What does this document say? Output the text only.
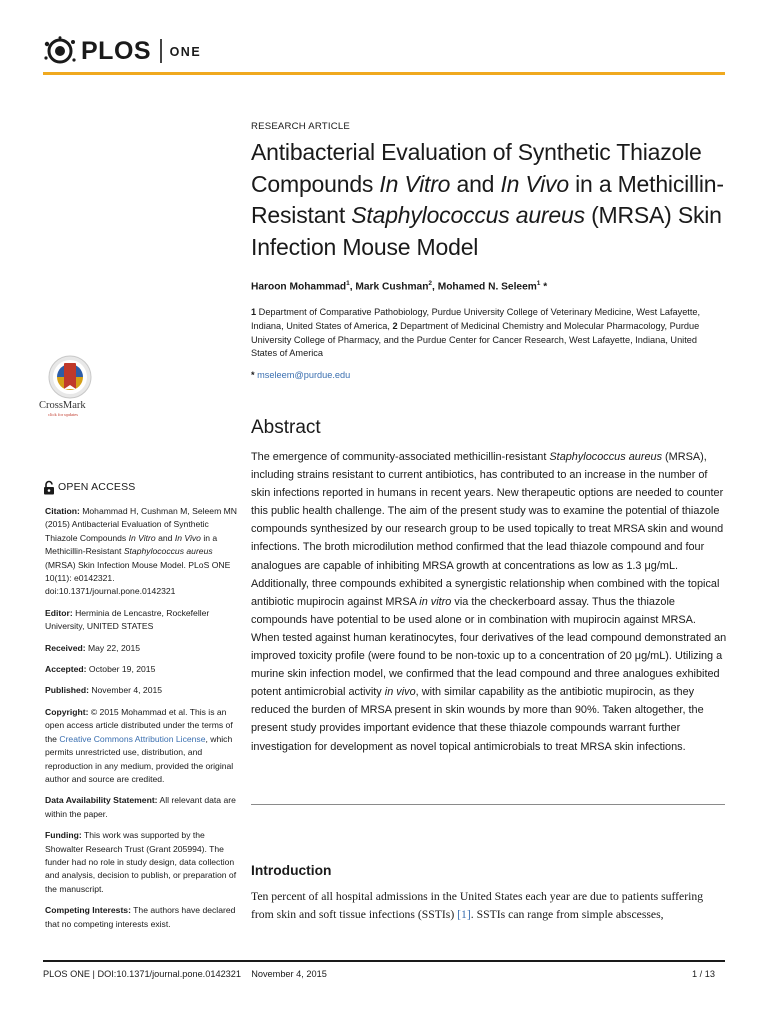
PLOS ONE
CrossMark
click for updates
OPEN ACCESS
Citation: Mohammad H, Cushman M, Seleem MN (2015) Antibacterial Evaluation of Synthetic Thiazole Compounds In Vitro and In Vivo in a Methicillin-Resistant Staphylococcus aureus (MRSA) Skin Infection Mouse Model. PLoS ONE 10(11): e0142321. doi:10.1371/journal.pone.0142321
Editor: Herminia de Lencastre, Rockefeller University, UNITED STATES
Received: May 22, 2015
Accepted: October 19, 2015
Published: November 4, 2015
Copyright: © 2015 Mohammad et al. This is an open access article distributed under the terms of the Creative Commons Attribution License, which permits unrestricted use, distribution, and reproduction in any medium, provided the original author and source are credited.
Data Availability Statement: All relevant data are within the paper.
Funding: This work was supported by the Showalter Research Trust (Grant 205994). The funder had no role in study design, data collection and analysis, decision to publish, or preparation of the manuscript.
Competing Interests: The authors have declared that no competing interests exist.
RESEARCH ARTICLE
Antibacterial Evaluation of Synthetic Thiazole Compounds In Vitro and In Vivo in a Methicillin-Resistant Staphylococcus aureus (MRSA) Skin Infection Mouse Model
Haroon Mohammad$^1$, Mark Cushman$^2$, Mohamed N. Seleem$^1$ *
1 Department of Comparative Pathobiology, Purdue University College of Veterinary Medicine, West Lafayette, Indiana, United States of America, 2 Department of Medicinal Chemistry and Molecular Pharmacology, Purdue University College of Pharmacy, and the Purdue Center for Cancer Research, West Lafayette, Indiana, United States of America
* mseleem@purdue.edu
Abstract
The emergence of community-associated methicillin-resistant Staphylococcus aureus (MRSA), including strains resistant to current antibiotics, has contributed to an increase in the number of skin infections reported in humans in recent years. New therapeutic options are needed to counter this public health challenge. The aim of the present study was to examine the potential of thiazole compounds synthesized by our research group to be used topically to treat MRSA skin and wound infections. The broth microdilution method confirmed that the lead thiazole compound and four analogues are capable of inhibiting MRSA growth at concentrations as low as 1.3 μg/mL. Additionally, three compounds exhibited a synergistic relationship when combined with the topical antibiotic mupirocin against MRSA in vitro via the checkerboard assay. Thus the thiazole compounds have potential to be used alone or in combination with mupirocin against MRSA. When tested against human keratinocytes, four derivatives of the lead compound demonstrated an improved toxicity profile (were found to be non-toxic up to a concentration of 20 μg/mL). Utilizing a murine skin infection model, we confirmed that the lead compound and three analogues exhibited potent antimicrobial activity in vivo, with similar capability as the antibiotic mupirocin, as they reduced the burden of MRSA present in skin wounds by more than 90%. Taken altogether, the present study provides important evidence that these thiazole compounds warrant further investigation for development as novel topical antimicrobials to treat MRSA skin infections.
Introduction
Ten percent of all hospital admissions in the United States each year are due to patients suffering from skin and soft tissue infections (SSTIs) [1]. SSTIs can range from simple abscesses,
PLOS ONE | DOI:10.1371/journal.pone.0142321    November 4, 2015	1 / 13
